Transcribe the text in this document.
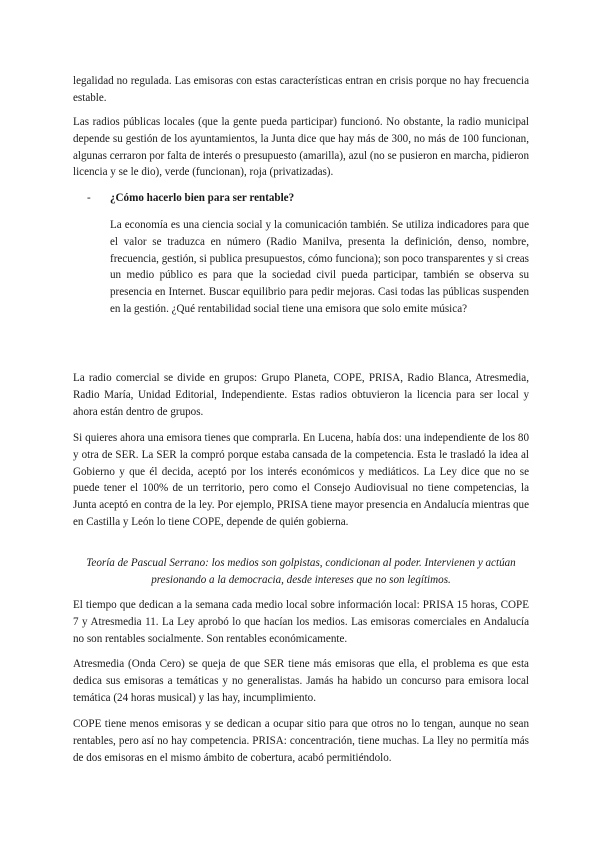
legalidad no regulada. Las emisoras con estas características entran en crisis porque no hay frecuencia estable.

Las radios públicas locales (que la gente pueda participar) funcionó. No obstante, la radio municipal depende su gestión de los ayuntamientos, la Junta dice que hay más de 300, no más de 100 funcionan, algunas cerraron por falta de interés o presupuesto (amarilla), azul (no se pusieron en marcha, pidieron licencia y se le dio), verde (funcionan), roja (privatizadas).

- ¿Cómo hacerlo bien para ser rentable?

La economía es una ciencia social y la comunicación también. Se utiliza indicadores para que el valor se traduzca en número (Radio Manilva, presenta la definición, denso, nombre, frecuencia, gestión, si publica presupuestos, cómo funciona); son poco transparentes y si creas un medio público es para que la sociedad civil pueda participar, también se observa su presencia en Internet. Buscar equilibrio para pedir mejoras. Casi todas las públicas suspenden en la gestión. ¿Qué rentabilidad social tiene una emisora que solo emite música?

La radio comercial se divide en grupos: Grupo Planeta, COPE, PRISA, Radio Blanca, Atresmedia, Radio María, Unidad Editorial, Independiente. Estas radios obtuvieron la licencia para ser local y ahora están dentro de grupos.

Si quieres ahora una emisora tienes que comprarla. En Lucena, había dos: una independiente de los 80 y otra de SER. La SER la compró porque estaba cansada de la competencia. Esta le trasladó la idea al Gobierno y que él decida, aceptó por los interés económicos y mediáticos. La Ley dice que no se puede tener el 100% de un territorio, pero como el Consejo Audiovisual no tiene competencias, la Junta aceptó en contra de la ley. Por ejemplo, PRISA tiene mayor presencia en Andalucía mientras que en Castilla y León lo tiene COPE, depende de quién gobierna.

Teoría de Pascual Serrano: los medios son golpistas, condicionan al poder. Intervienen y actúan presionando a la democracia, desde intereses que no son legítimos.

El tiempo que dedican a la semana cada medio local sobre información local: PRISA 15 horas, COPE 7 y Atresmedia 11. La Ley aprobó lo que hacían los medios. Las emisoras comerciales en Andalucía no son rentables socialmente. Son rentables económicamente.

Atresmedia (Onda Cero) se queja de que SER tiene más emisoras que ella, el problema es que esta dedica sus emisoras a temáticas y no generalistas. Jamás ha habido un concurso para emisora local temática (24 horas musical) y las hay, incumplimiento.

COPE tiene menos emisoras y se dedican a ocupar sitio para que otros no lo tengan, aunque no sean rentables, pero así no hay competencia. PRISA: concentración, tiene muchas. La lley no permitía más de dos emisoras en el mismo ámbito de cobertura, acabó permitiéndolo.
